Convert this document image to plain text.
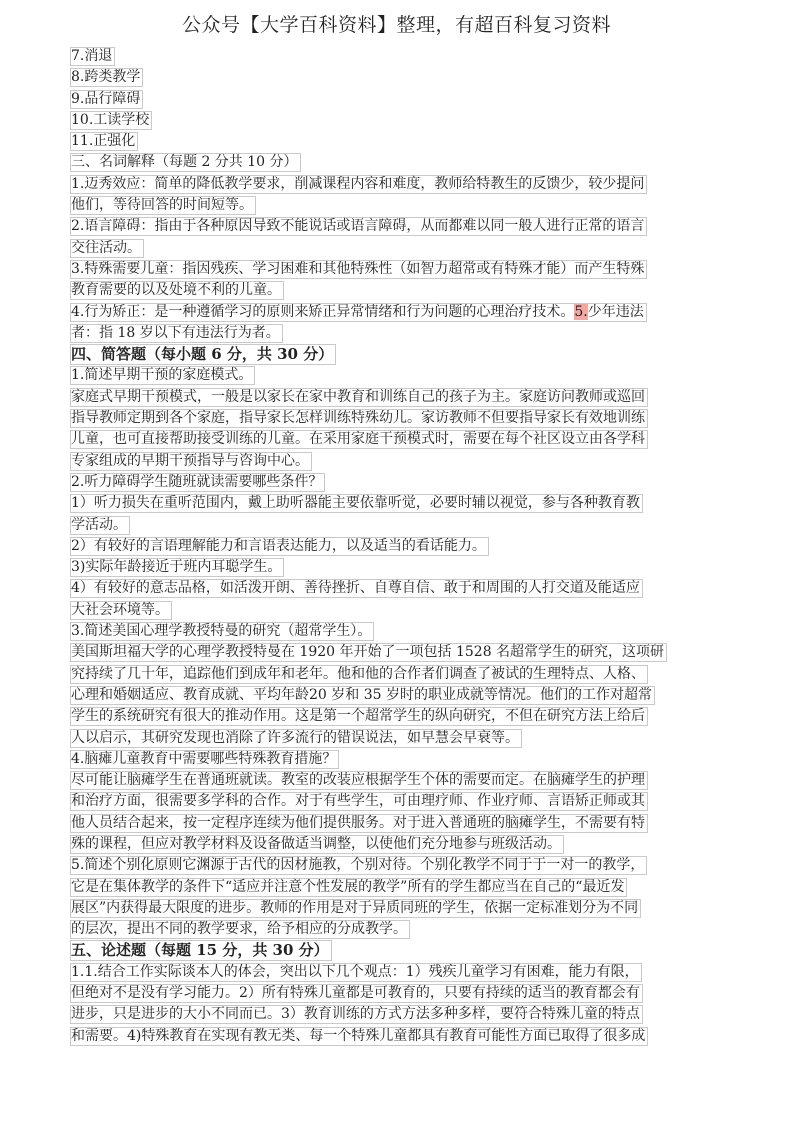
公众号【大学百科资料】整理，有超百科复习资料
7.消退
8.跨类教学
9.品行障碍
10.工读学校
11.正强化
三、名词解释（每题 2 分共 10 分）
1.迈秀效应：简单的降低教学要求，削减课程内容和难度，教师给特教生的反馈少，较少提问
他们，等待回答的时间短等。
2.语言障碍：指由于各种原因导致不能说话或语言障碍，从而都难以同一般人进行正常的语言
交往活动。
3.特殊需要儿童：指因残疾、学习困难和其他特殊性（如智力超常或有特殊才能）而产生特殊
教育需要的以及处境不利的儿童。
4.行为矫正：是一种遵循学习的原则来矫正异常情绪和行为问题的心理治疗技术。5.少年违法
者：指 18 岁以下有违法行为者。
四、简答题（每小题 6 分，共 30 分）
1.简述早期干预的家庭模式。
家庭式早期干预模式，一般是以家长在家中教育和训练自己的孩子为主。家庭访问教师或巡回
指导教师定期到各个家庭，指导家长怎样训练特殊幼儿。家访教师不但要指导家长有效地训练
儿童，也可直接帮助接受训练的儿童。在采用家庭干预模式时，需要在每个社区设立由各学科
专家组成的早期干预指导与咨询中心。
2.听力障碍学生随班就读需要哪些条件？
1）听力损失在重听范围内，戴上助听器能主要依靠听觉，必要时辅以视觉，参与各种教育教
学活动。
2）有较好的言语理解能力和言语表达能力，以及适当的看话能力。
3)实际年龄接近于班内耳聪学生。
4）有较好的意志品格，如活泼开朗、善待挫折、自尊自信、敢于和周围的人打交道及能适应
大社会环境等。
3.简述美国心理学教授特曼的研究（超常学生）。
美国斯坦福大学的心理学教授特曼在 1920 年开始了一项包括 1528 名超常学生的研究，这项研
究持续了几十年，追踪他们到成年和老年。他和他的合作者们调查了被试的生理特点、人格、
心理和婚姻适应、教育成就、平均年龄20 岁和 35 岁时的职业成就等情况。他们的工作对超常
学生的系统研究有很大的推动作用。这是第一个超常学生的纵向研究，不但在研究方法上给后
人以启示，其研究发现也消除了许多流行的错误说法，如早慧会早衰等。
4.脑瘫儿童教育中需要哪些特殊教育措施？
尽可能让脑瘫学生在普通班就读。教室的改装应根据学生个体的需要而定。在脑瘫学生的护理
和治疗方面，很需要多学科的合作。对于有些学生，可由理疗师、作业疗师、言语矫正师或其
他人员结合起来，按一定程序连续为他们提供服务。对于进入普通班的脑瘫学生，不需要有特
殊的课程，但应对教学材料及设备做适当调整，以使他们充分地参与班级活动。
5.简述个别化原则它渊源于古代的因材施教，个别对待。个别化教学不同于于一对一的教学，
它是在集体教学的条件下“适应并注意个性发展的教学”所有的学生都应当在自己的“最近发
展区”内获得最大限度的进步。教师的作用是对于异质同班的学生，依据一定标准划分为不同
的层次，提出不同的教学要求，给予相应的分成教学。
五、论述题（每题 15 分，共 30 分）
1.1.结合工作实际谈本人的体会，突出以下几个观点：1）残疾儿童学习有困难，能力有限，
但绝对不是没有学习能力。2）所有特殊儿童都是可教育的，只要有持续的适当的教育都会有
进步，只是进步的大小不同而已。3）教育训练的方式方法多种多样，要符合特殊儿童的特点
和需要。4)特殊教育在实现有教无类、每一个特殊儿童都具有教育可能性方面已取得了很多成
